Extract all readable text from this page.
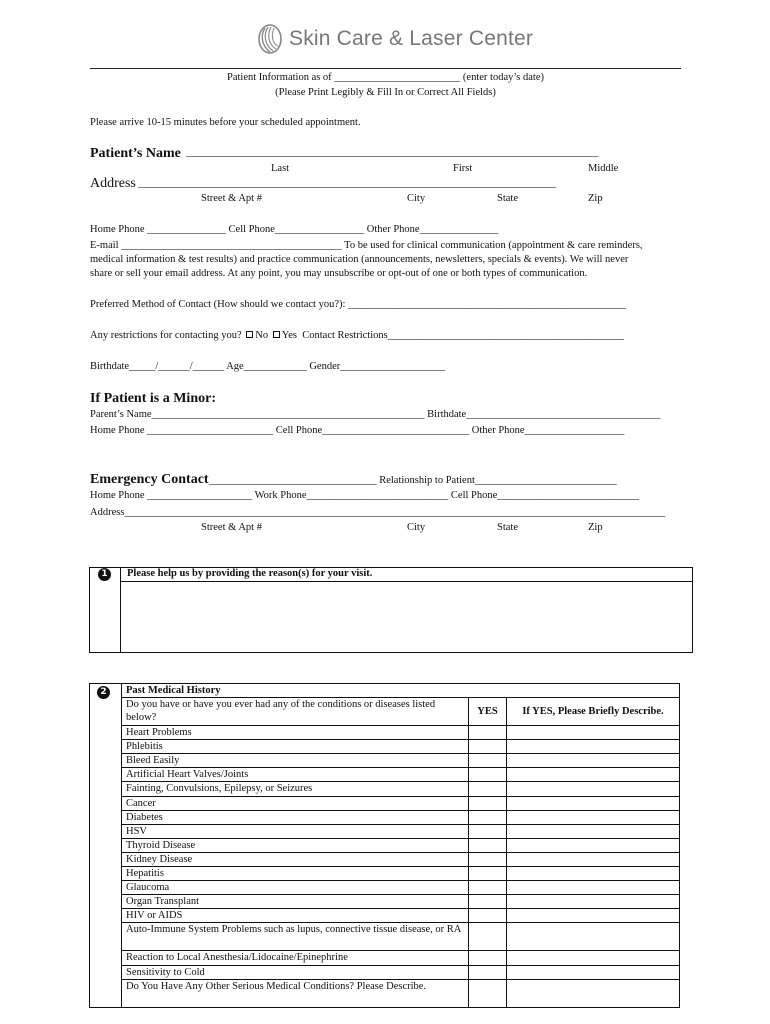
Skin Care & Laser Center
Patient Information as of ________________________ (enter today’s date)
(Please Print Legibly & Fill In or Correct All Fields)
Please arrive 10-15 minutes before your scheduled appointment.
Patient’s Name ___________________________________________________________________________
Last	First	Middle
Address ____________________________________________________________________________
Street & Apt #	City	State	Zip
Home Phone _______________ Cell Phone_________________ Other Phone_______________
E-mail __________________________________________ To be used for clinical communication (appointment & care reminders,
medical information & test results) and practice communication (announcements, newsletters, specials & events). We will never
share or sell your email address. At any point, you may unsubscribe or opt-out of one or both types of communication.
Preferred Method of Contact (How should we contact you?): _____________________________________________________
Any restrictions for contacting you? No Yes Contact Restrictions_____________________________________________
Birthdate_____/______/______ Age____________ Gender____________________
If Patient is a Minor:
Parent’s Name____________________________________________________ Birthdate_____________________________________
Home Phone ________________________ Cell Phone____________________________ Other Phone___________________
Emergency Contact________________________________ Relationship to Patient___________________________
Home Phone ____________________ Work Phone___________________________ Cell Phone___________________________
Address_______________________________________________________________________________________________________
Street & Apt #	City	State	Zip
1	Please help us by providing the reason(s) for your visit.
2	Past Medical History		
	Do you have or have you ever had any of the conditions or diseases listed below?	YES	If YES, Please Briefly Describe.
	Heart Problems		
	Phlebitis		
	Bleed Easily		
	Artificial Heart Valves/Joints		
	Fainting, Convulsions, Epilepsy, or Seizures		
	Cancer		
	Diabetes		
	HSV		
	Thyroid Disease		
	Kidney Disease		
	Hepatitis		
	Glaucoma		
	Organ Transplant		
	HIV or AIDS		
	Auto-Immune System Problems such as lupus, connective tissue disease, or RA		
	Reaction to Local Anesthesia/Lidocaine/Epinephrine		
	Sensitivity to Cold		
	Do You Have Any Other Serious Medical Conditions? Please Describe.		
